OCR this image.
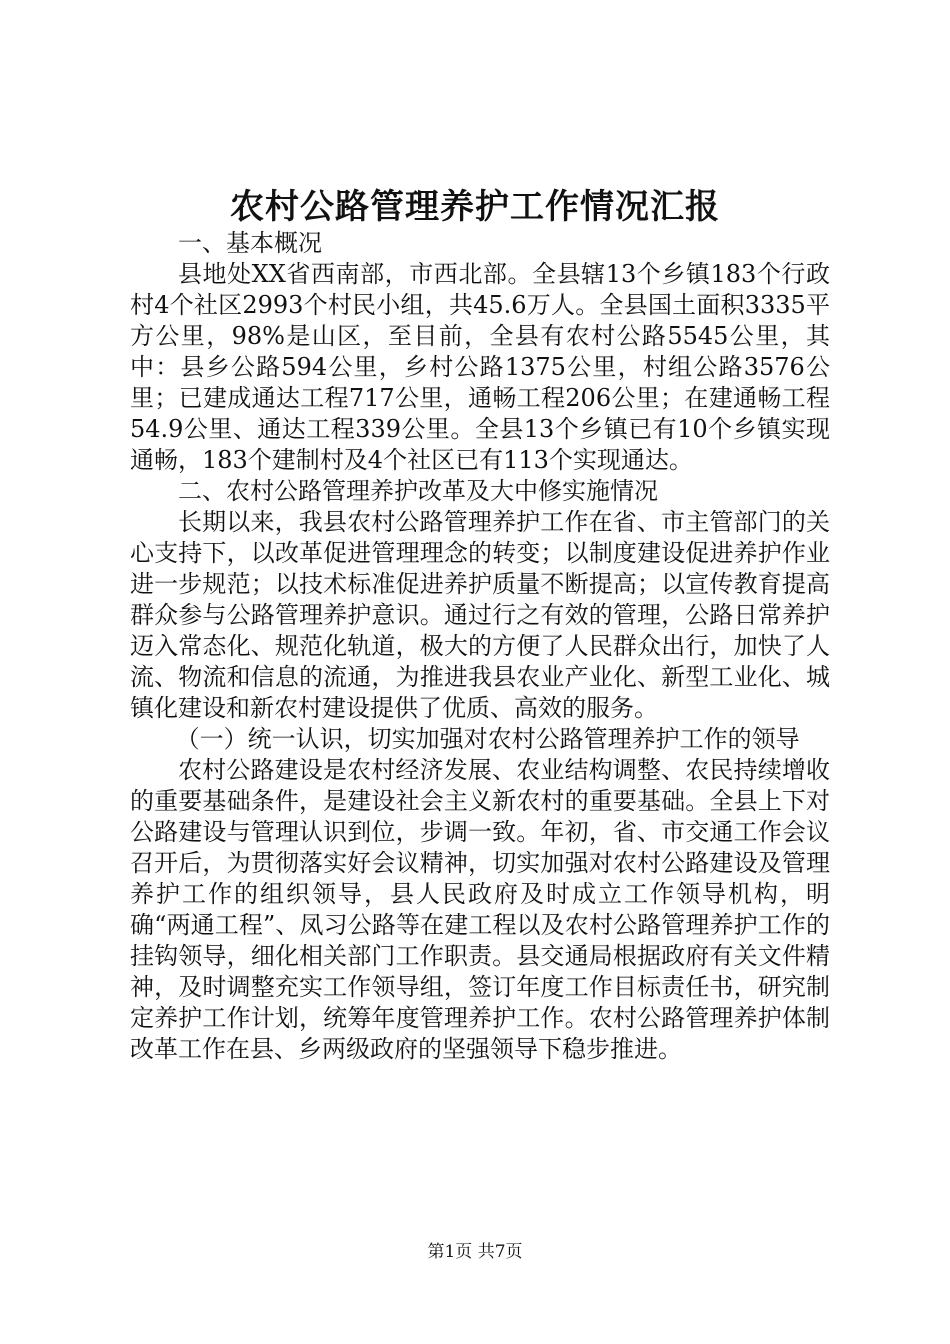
农村公路管理养护工作情况汇报

一、基本概况

县地处XX省西南部，市西北部。全县辖13个乡镇183个行政村4个社区2993个村民小组，共45.6万人。全县国土面积3335平方公里，98%是山区，至目前，全县有农村公路5545公里，其中：县乡公路594公里，乡村公路1375公里，村组公路3576公里；已建成通达工程717公里，通畅工程206公里；在建通畅工程54.9公里、通达工程339公里。全县13个乡镇已有10个乡镇实现通畅，183个建制村及4个社区已有113个实现通达。

二、农村公路管理养护改革及大中修实施情况

长期以来，我县农村公路管理养护工作在省、市主管部门的关心支持下，以改革促进管理理念的转变；以制度建设促进养护作业进一步规范；以技术标准促进养护质量不断提高；以宣传教育提高群众参与公路管理养护意识。通过行之有效的管理，公路日常养护迈入常态化、规范化轨道，极大的方便了人民群众出行，加快了人流、物流和信息的流通，为推进我县农业产业化、新型工业化、城镇化建设和新农村建设提供了优质、高效的服务。

（一）统一认识，切实加强对农村公路管理养护工作的领导

农村公路建设是农村经济发展、农业结构调整、农民持续增收的重要基础条件，是建设社会主义新农村的重要基础。全县上下对公路建设与管理认识到位，步调一致。年初，省、市交通工作会议召开后，为贯彻落实好会议精神，切实加强对农村公路建设及管理养护工作的组织领导，县人民政府及时成立工作领导机构，明确“两通工程”、凤习公路等在建工程以及农村公路管理养护工作的挂钩领导，细化相关部门工作职责。县交通局根据政府有关文件精神，及时调整充实工作领导组，签订年度工作目标责任书，研究制定养护工作计划，统筹年度管理养护工作。农村公路管理养护体制改革工作在县、乡两级政府的坚强领导下稳步推进。

第1页 共7页
